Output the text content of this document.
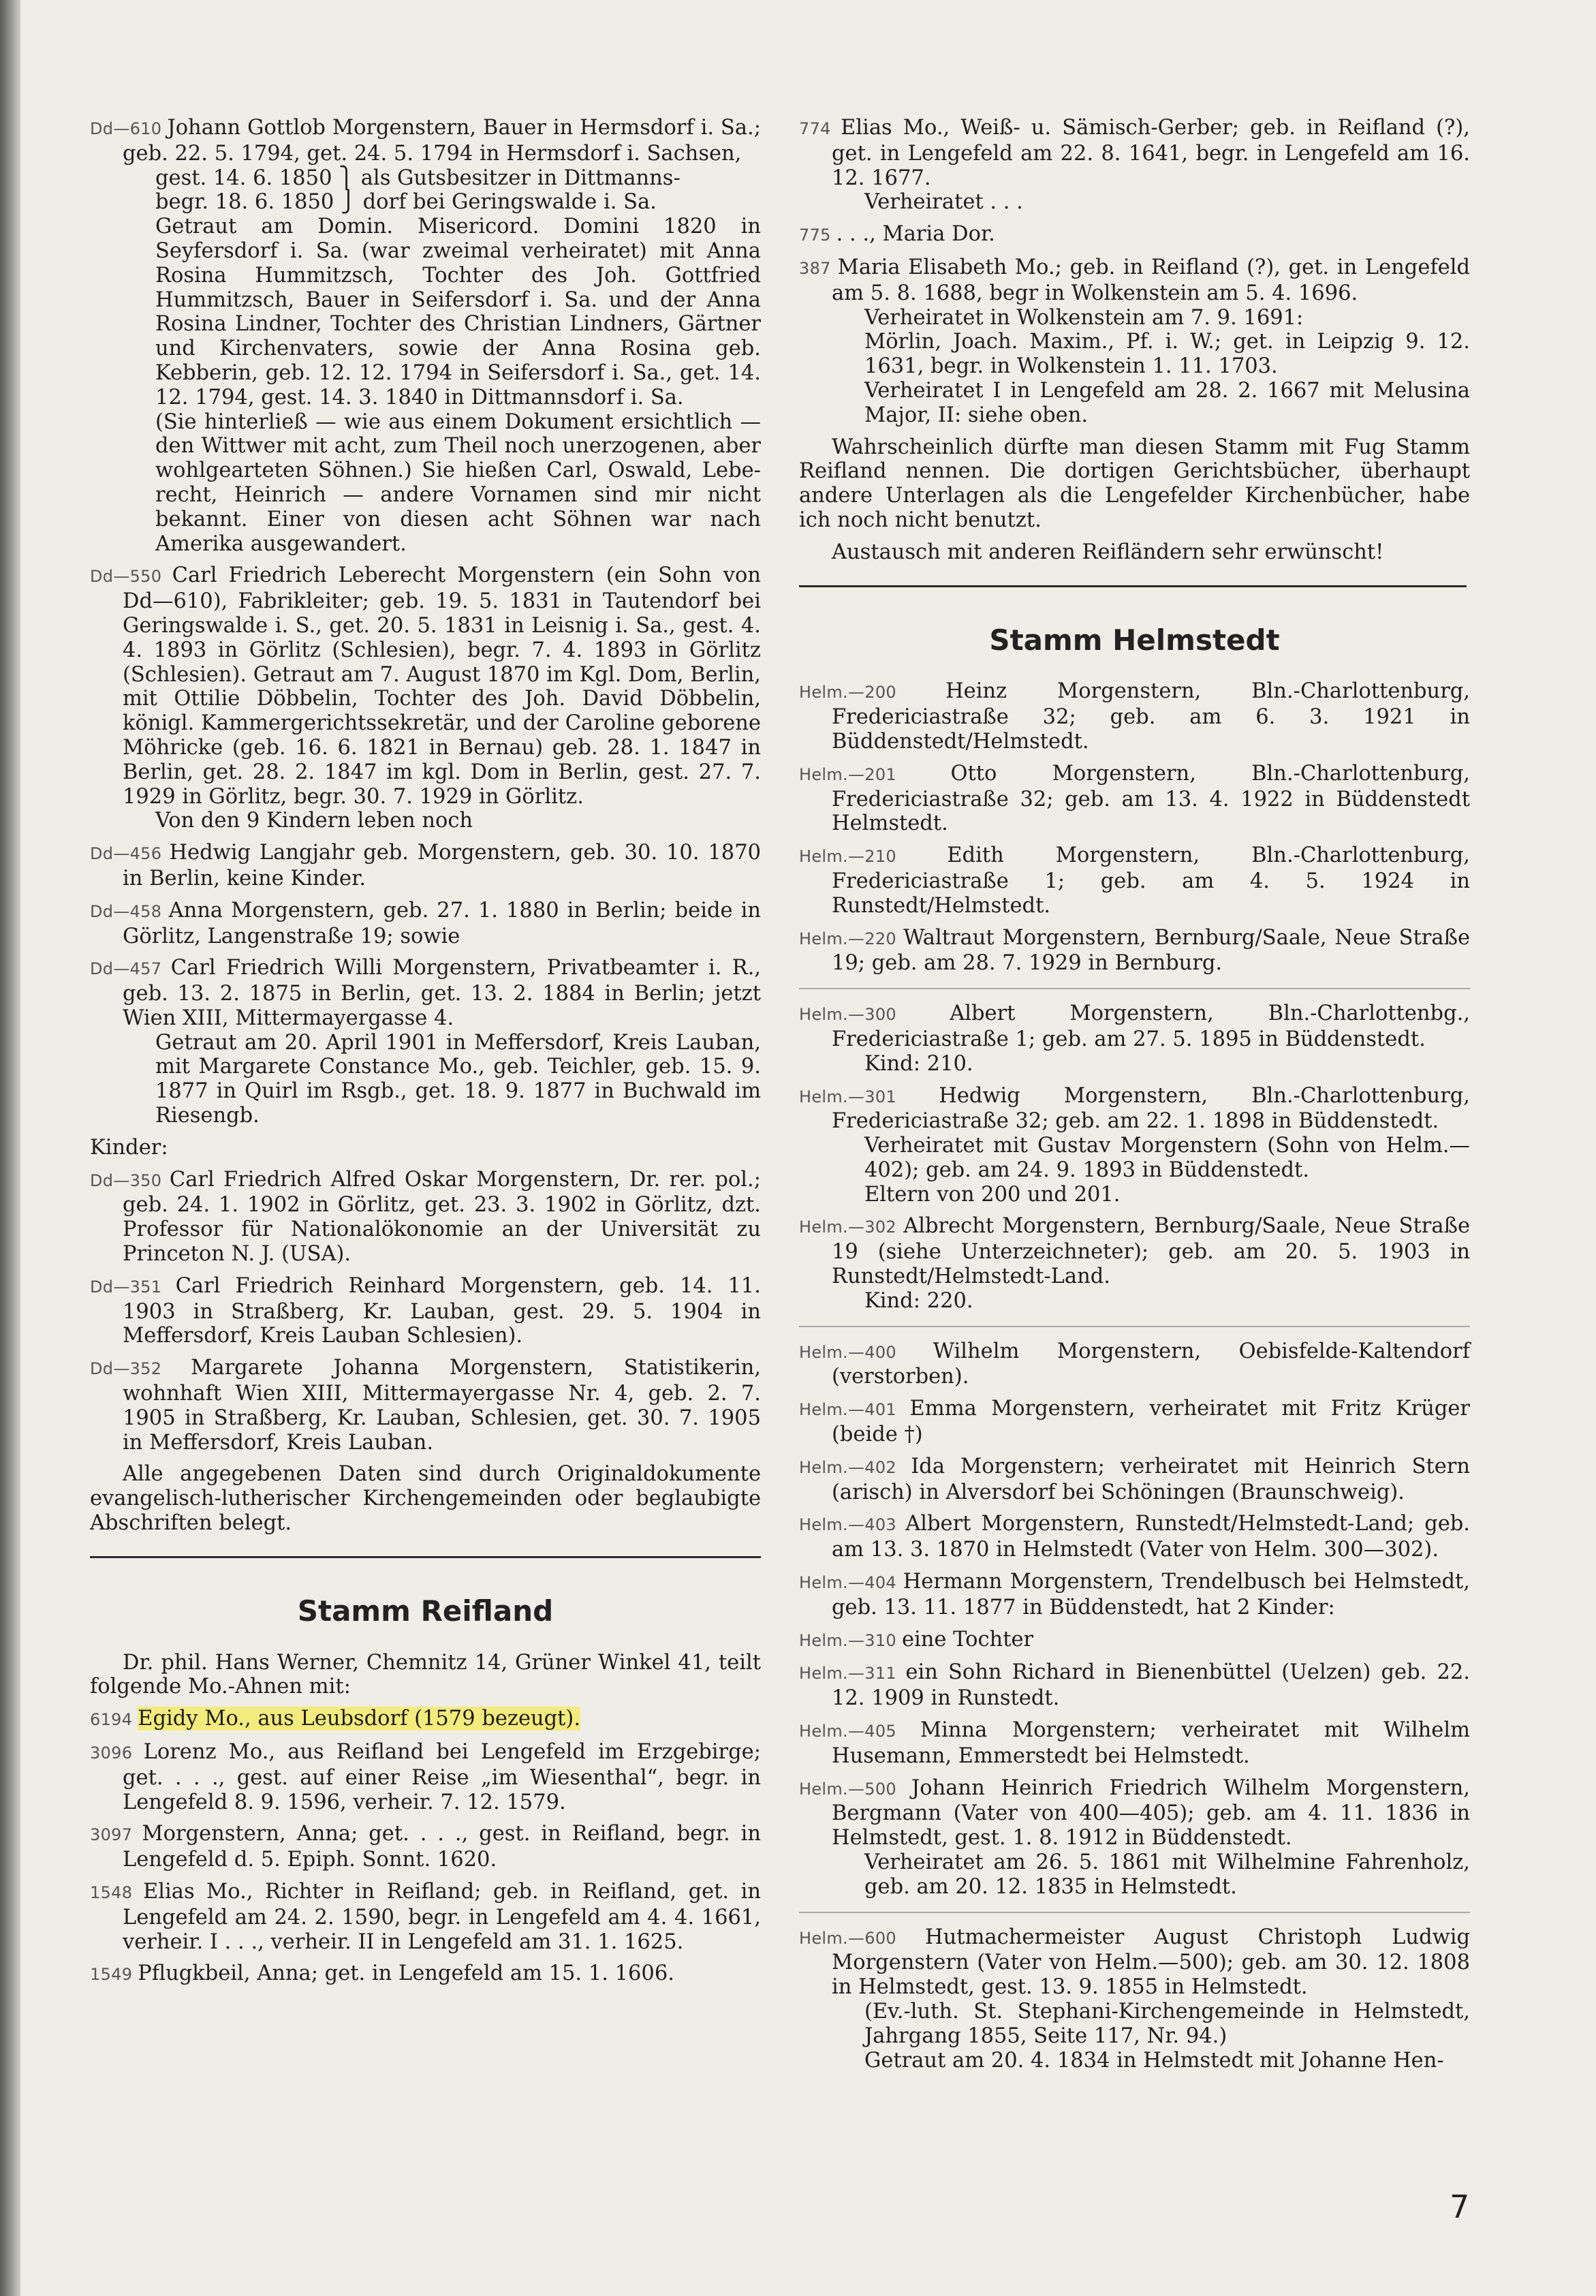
Dd—610 Johann Gottlob Morgenstern, Bauer in Hermsdorf i. Sa.; geb. 22. 5. 1794, get. 24. 5. 1794 in Hermsdorf i. Sachsen,
gest. 14. 6. 1850 ⎫ als Gutsbesitzer in Dittmanns-
begr. 18. 6. 1850 ⎭ dorf bei Geringswalde i. Sa.
Getraut am Domin. Misericord. Domini 1820 in Seyfersdorf i. Sa. (war zweimal verheiratet) mit Anna Rosina Hummitzsch, Tochter des Joh. Gottfried Hummitzsch, Bauer in Seifersdorf i. Sa. und der Anna Rosina Lindner, Tochter des Christian Lindners, Gärtner und Kirchenvaters, sowie der Anna Rosina geb. Kebberin, geb. 12. 12. 1794 in Seifersdorf i. Sa., get. 14. 12. 1794, gest. 14. 3. 1840 in Dittmannsdorf i. Sa.
(Sie hinterließ — wie aus einem Dokument ersichtlich — den Wittwer mit acht, zum Theil noch unerzogenen, aber wohlgearteten Söhnen.) Sie hießen Carl, Oswald, Lebe-recht, Heinrich — andere Vornamen sind mir nicht bekannt. Einer von diesen acht Söhnen war nach Amerika ausgewandert.
Dd—550 Carl Friedrich Leberecht Morgenstern (ein Sohn von Dd—610), Fabrikleiter; geb. 19. 5. 1831 in Tautendorf bei Geringswalde i. S., get. 20. 5. 1831 in Leisnig i. Sa., gest. 4. 4. 1893 in Görlitz (Schlesien), begr. 7. 4. 1893 in Görlitz (Schlesien). Getraut am 7. August 1870 im Kgl. Dom, Berlin, mit Ottilie Döbbelin, Tochter des Joh. David Döbbelin, königl. Kammergerichtssekretär, und der Caroline geborene Möhricke (geb. 16. 6. 1821 in Bernau) geb. 28. 1. 1847 in Berlin, get. 28. 2. 1847 im kgl. Dom in Berlin, gest. 27. 7. 1929 in Görlitz, begr. 30. 7. 1929 in Görlitz.
Von den 9 Kindern leben noch
Dd—456 Hedwig Langjahr geb. Morgenstern, geb. 30. 10. 1870 in Berlin, keine Kinder.
Dd—458 Anna Morgenstern, geb. 27. 1. 1880 in Berlin; beide in Görlitz, Langenstraße 19; sowie
Dd—457 Carl Friedrich Willi Morgenstern, Privatbeamter i. R., geb. 13. 2. 1875 in Berlin, get. 13. 2. 1884 in Berlin; jetzt Wien XIII, Mittermayergasse 4.
Getraut am 20. April 1901 in Meffersdorf, Kreis Lauban, mit Margarete Constance Mo., geb. Teichler, geb. 15. 9. 1877 in Quirl im Rsgb., get. 18. 9. 1877 in Buchwald im Riesengb.
Kinder:
Dd—350 Carl Friedrich Alfred Oskar Morgenstern, Dr. rer. pol.; geb. 24. 1. 1902 in Görlitz, get. 23. 3. 1902 in Görlitz, dzt. Professor für Nationalökonomie an der Universität zu Princeton N. J. (USA).
Dd—351 Carl Friedrich Reinhard Morgenstern, geb. 14. 11. 1903 in Straßberg, Kr. Lauban, gest. 29. 5. 1904 in Meffersdorf, Kreis Lauban Schlesien).
Dd—352 Margarete Johanna Morgenstern, Statistikerin, wohnhaft Wien XIII, Mittermayergasse Nr. 4, geb. 2. 7. 1905 in Straßberg, Kr. Lauban, Schlesien, get. 30. 7. 1905 in Meffersdorf, Kreis Lauban.

Alle angegebenen Daten sind durch Originaldokumente evangelisch-lutherischer Kirchengemeinden oder beglaubigte Abschriften belegt.

Stamm Reifland

Dr. phil. Hans Werner, Chemnitz 14, Grüner Winkel 41, teilt folgende Mo.-Ahnen mit:

6194 Egidy Mo., aus Leubsdorf (1579 bezeugt).
3096 Lorenz Mo., aus Reifland bei Lengefeld im Erzgebirge; get. . . ., gest. auf einer Reise „im Wiesenthal“, begr. in Lengefeld 8. 9. 1596, verheir. 7. 12. 1579.
3097 Morgenstern, Anna; get. . . ., gest. in Reifland, begr. in Lengefeld d. 5. Epiph. Sonnt. 1620.
1548 Elias Mo., Richter in Reifland; geb. in Reifland, get. in Lengefeld am 24. 2. 1590, begr. in Lengefeld am 4. 4. 1661, verheir. I . . ., verheir. II in Lengefeld am 31. 1. 1625.
1549 Pflugkbeil, Anna; get. in Lengefeld am 15. 1. 1606.
774 Elias Mo., Weiß- u. Sämisch-Gerber; geb. in Reifland (?), get. in Lengefeld am 22. 8. 1641, begr. in Lengefeld am 16. 12. 1677.
Verheiratet . . .
775 . . ., Maria Dor.
387 Maria Elisabeth Mo.; geb. in Reifland (?), get. in Lengefeld am 5. 8. 1688, begr in Wolkenstein am 5. 4. 1696.
Verheiratet in Wolkenstein am 7. 9. 1691:
Mörlin, Joach. Maxim., Pf. i. W.; get. in Leipzig 9. 12. 1631, begr. in Wolkenstein 1. 11. 1703.
Verheiratet I in Lengefeld am 28. 2. 1667 mit Melusina Major, II: siehe oben.

Wahrscheinlich dürfte man diesen Stamm mit Fug Stamm Reifland nennen. Die dortigen Gerichtsbücher, überhaupt andere Unterlagen als die Lengefelder Kirchenbücher, habe ich noch nicht benutzt.

Austausch mit anderen Reifländern sehr erwünscht!

Stamm Helmstedt
Helm.—200 Heinz Morgenstern, Bln.-Charlottenburg, Fredericiastraße 32; geb. am 6. 3. 1921 in Büddenstedt/Helmstedt.
Helm.—201 Otto Morgenstern, Bln.-Charlottenburg, Fredericiastraße 32; geb. am 13. 4. 1922 in Büddenstedt Helmstedt.
Helm.—210 Edith Morgenstern, Bln.-Charlottenburg, Fredericiastraße 1; geb. am 4. 5. 1924 in Runstedt/Helmstedt.
Helm.—220 Waltraut Morgenstern, Bernburg/Saale, Neue Straße 19; geb. am 28. 7. 1929 in Bernburg.
Helm.—300 Albert Morgenstern, Bln.-Charlottenbg., Fredericiastraße 1; geb. am 27. 5. 1895 in Büddenstedt.
Kind: 210.
Helm.—301 Hedwig Morgenstern, Bln.-Charlottenburg, Fredericiastraße 32; geb. am 22. 1. 1898 in Büddenstedt.
Verheiratet mit Gustav Morgenstern (Sohn von Helm.—402); geb. am 24. 9. 1893 in Büddenstedt.
Eltern von 200 und 201.
Helm.—302 Albrecht Morgenstern, Bernburg/Saale, Neue Straße 19 (siehe Unterzeichneter); geb. am 20. 5. 1903 in Runstedt/Helmstedt-Land.
Kind: 220.
Helm.—400 Wilhelm Morgenstern, Oebisfelde-Kaltendorf (verstorben).
Helm.—401 Emma Morgenstern, verheiratet mit Fritz Krüger (beide †)
Helm.—402 Ida Morgenstern; verheiratet mit Heinrich Stern (arisch) in Alversdorf bei Schöningen (Braunschweig).
Helm.—403 Albert Morgenstern, Runstedt/Helmstedt-Land; geb. am 13. 3. 1870 in Helmstedt (Vater von Helm. 300—302).
Helm.—404 Hermann Morgenstern, Trendelbusch bei Helmstedt, geb. 13. 11. 1877 in Büddenstedt, hat 2 Kinder:
Helm.—310 eine Tochter
Helm.—311 ein Sohn Richard in Bienenbüttel (Uelzen) geb. 22. 12. 1909 in Runstedt.
Helm.—405 Minna Morgenstern; verheiratet mit Wilhelm Husemann, Emmerstedt bei Helmstedt.
Helm.—500 Johann Heinrich Friedrich Wilhelm Morgenstern, Bergmann (Vater von 400—405); geb. am 4. 11. 1836 in Helmstedt, gest. 1. 8. 1912 in Büddenstedt.
Verheiratet am 26. 5. 1861 mit Wilhelmine Fahrenholz, geb. am 20. 12. 1835 in Helmstedt.
Helm.—600 Hutmachermeister August Christoph Ludwig Morgenstern (Vater von Helm.—500); geb. am 30. 12. 1808 in Helmstedt, gest. 13. 9. 1855 in Helmstedt.
(Ev.-luth. St. Stephani-Kirchengemeinde in Helmstedt, Jahrgang 1855, Seite 117, Nr. 94.)
Getraut am 20. 4. 1834 in Helmstedt mit Johanne Hen-
7
